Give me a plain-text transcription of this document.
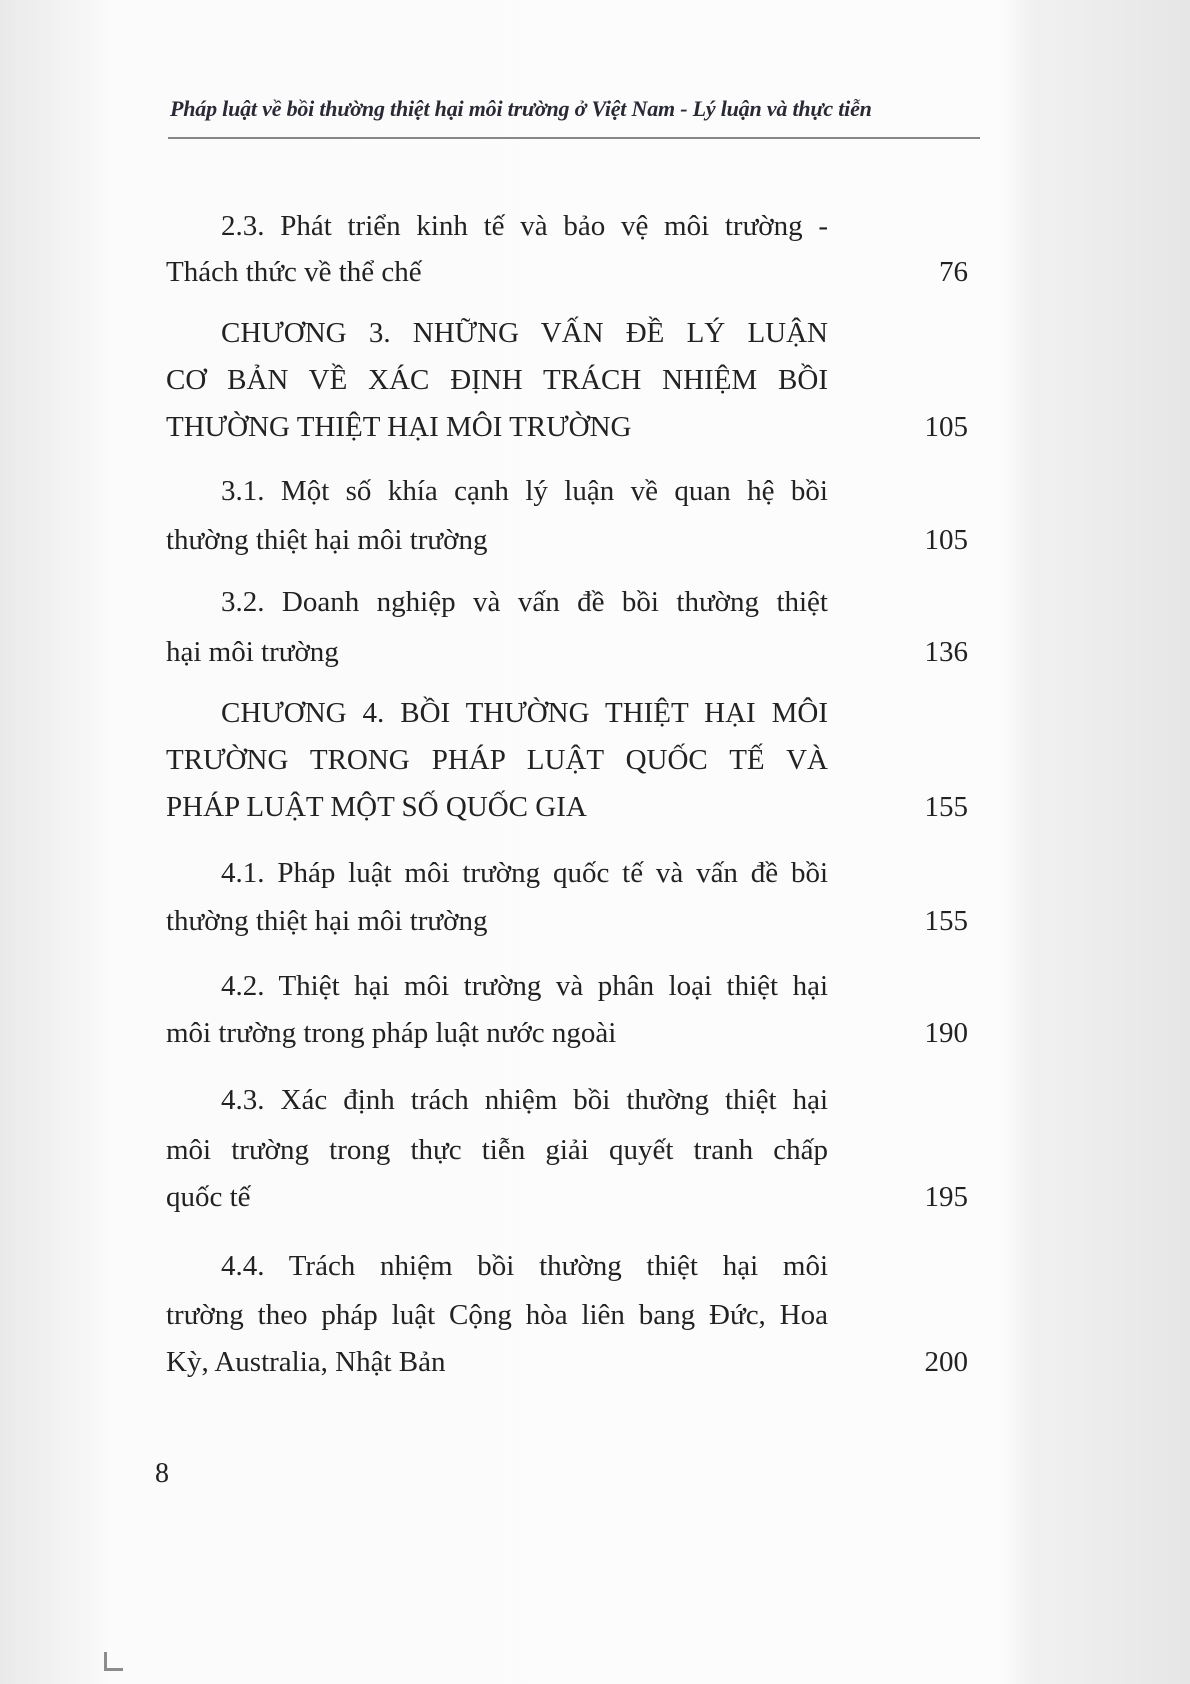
Pháp luật về bồi thường thiệt hại môi trường ở Việt Nam - Lý luận và thực tiễn
2.3. Phát triển kinh tế và bảo vệ môi trường -
Thách thức về thể chế	76
CHƯƠNG 3. NHỮNG VẤN ĐỀ LÝ LUẬN
CƠ BẢN VỀ XÁC ĐỊNH TRÁCH NHIỆM BỒI
THƯỜNG THIỆT HẠI MÔI TRƯỜNG	105
3.1. Một số khía cạnh lý luận về quan hệ bồi
thường thiệt hại môi trường	105
3.2. Doanh nghiệp và vấn đề bồi thường thiệt
hại môi trường	136
CHƯƠNG 4. BỒI THƯỜNG THIỆT HẠI MÔI
TRƯỜNG TRONG PHÁP LUẬT QUỐC TẾ VÀ
PHÁP LUẬT MỘT SỐ QUỐC GIA	155
4.1. Pháp luật môi trường quốc tế và vấn đề bồi
thường thiệt hại môi trường	155
4.2. Thiệt hại môi trường và phân loại thiệt hại
môi trường trong pháp luật nước ngoài	190
4.3. Xác định trách nhiệm bồi thường thiệt hại
môi trường trong thực tiễn giải quyết tranh chấp
quốc tế	195
4.4. Trách nhiệm bồi thường thiệt hại môi
trường theo pháp luật Cộng hòa liên bang Đức, Hoa
Kỳ, Australia, Nhật Bản	200
8
